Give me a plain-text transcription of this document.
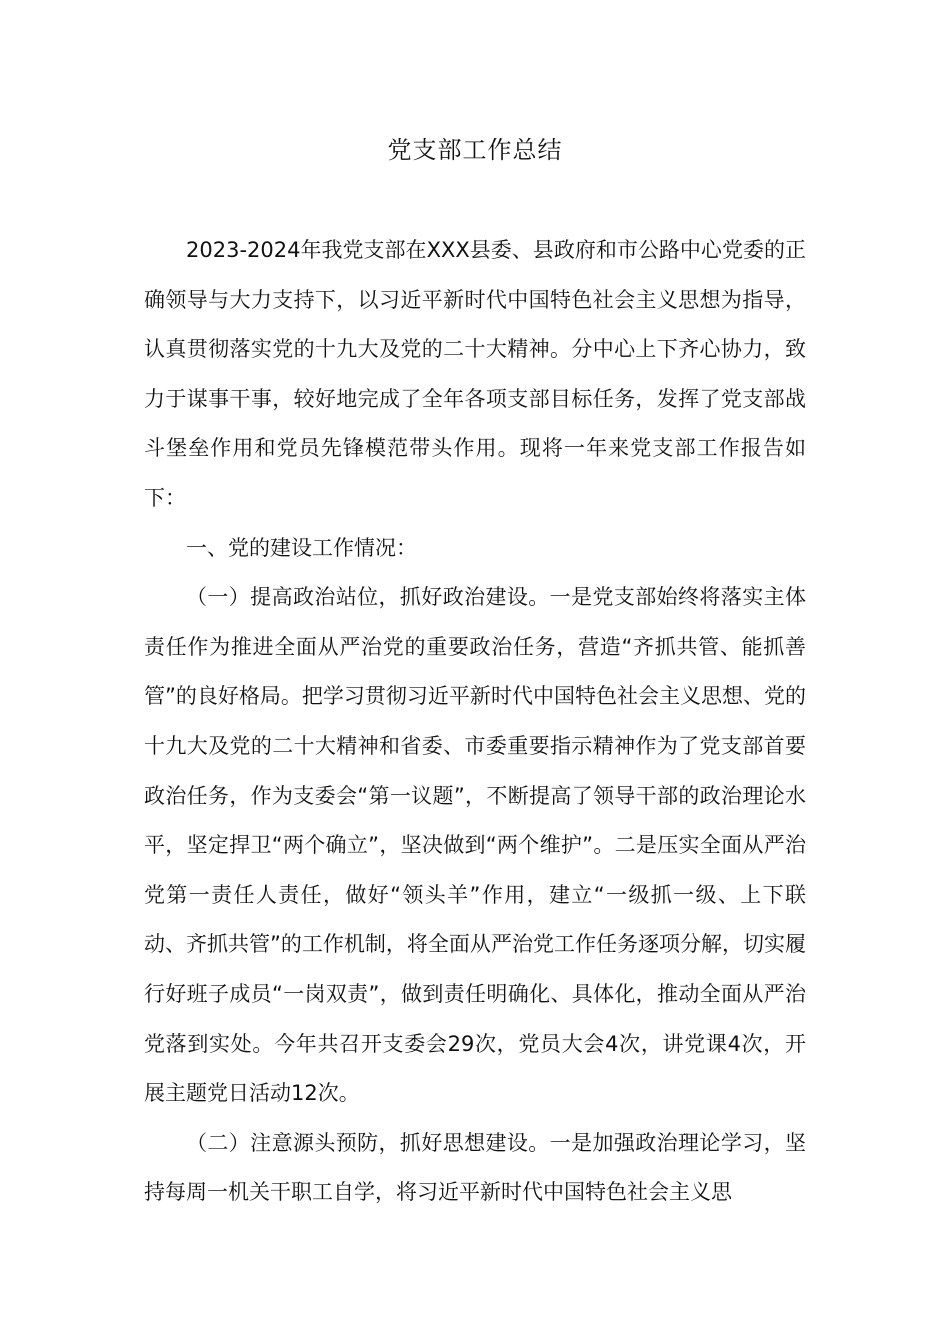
党支部工作总结

2023-2024年我党支部在XXX县委、县政府和市公路中心党委的正确领导与大力支持下，以习近平新时代中国特色社会主义思想为指导，认真贯彻落实党的十九大及党的二十大精神。分中心上下齐心协力，致力于谋事干事，较好地完成了全年各项支部目标任务，发挥了党支部战斗堡垒作用和党员先锋模范带头作用。现将一年来党支部工作报告如下：

一、党的建设工作情况：

（一）提高政治站位，抓好政治建设。一是党支部始终将落实主体责任作为推进全面从严治党的重要政治任务，营造“齐抓共管、能抓善管”的良好格局。把学习贯彻习近平新时代中国特色社会主义思想、党的十九大及党的二十大精神和省委、市委重要指示精神作为了党支部首要政治任务，作为支委会“第一议题”，不断提高了领导干部的政治理论水平，坚定捍卫“两个确立”，坚决做到“两个维护”。二是压实全面从严治党第一责任人责任，做好“领头羊”作用，建立“一级抓一级、上下联动、齐抓共管”的工作机制，将全面从严治党工作任务逐项分解，切实履行好班子成员“一岗双责”，做到责任明确化、具体化，推动全面从严治党落到实处。今年共召开支委会29次，党员大会4次，讲党课4次，开展主题党日活动12次。

（二）注意源头预防，抓好思想建设。一是加强政治理论学习，坚持每周一机关干职工自学，将习近平新时代中国特色社会主义思
